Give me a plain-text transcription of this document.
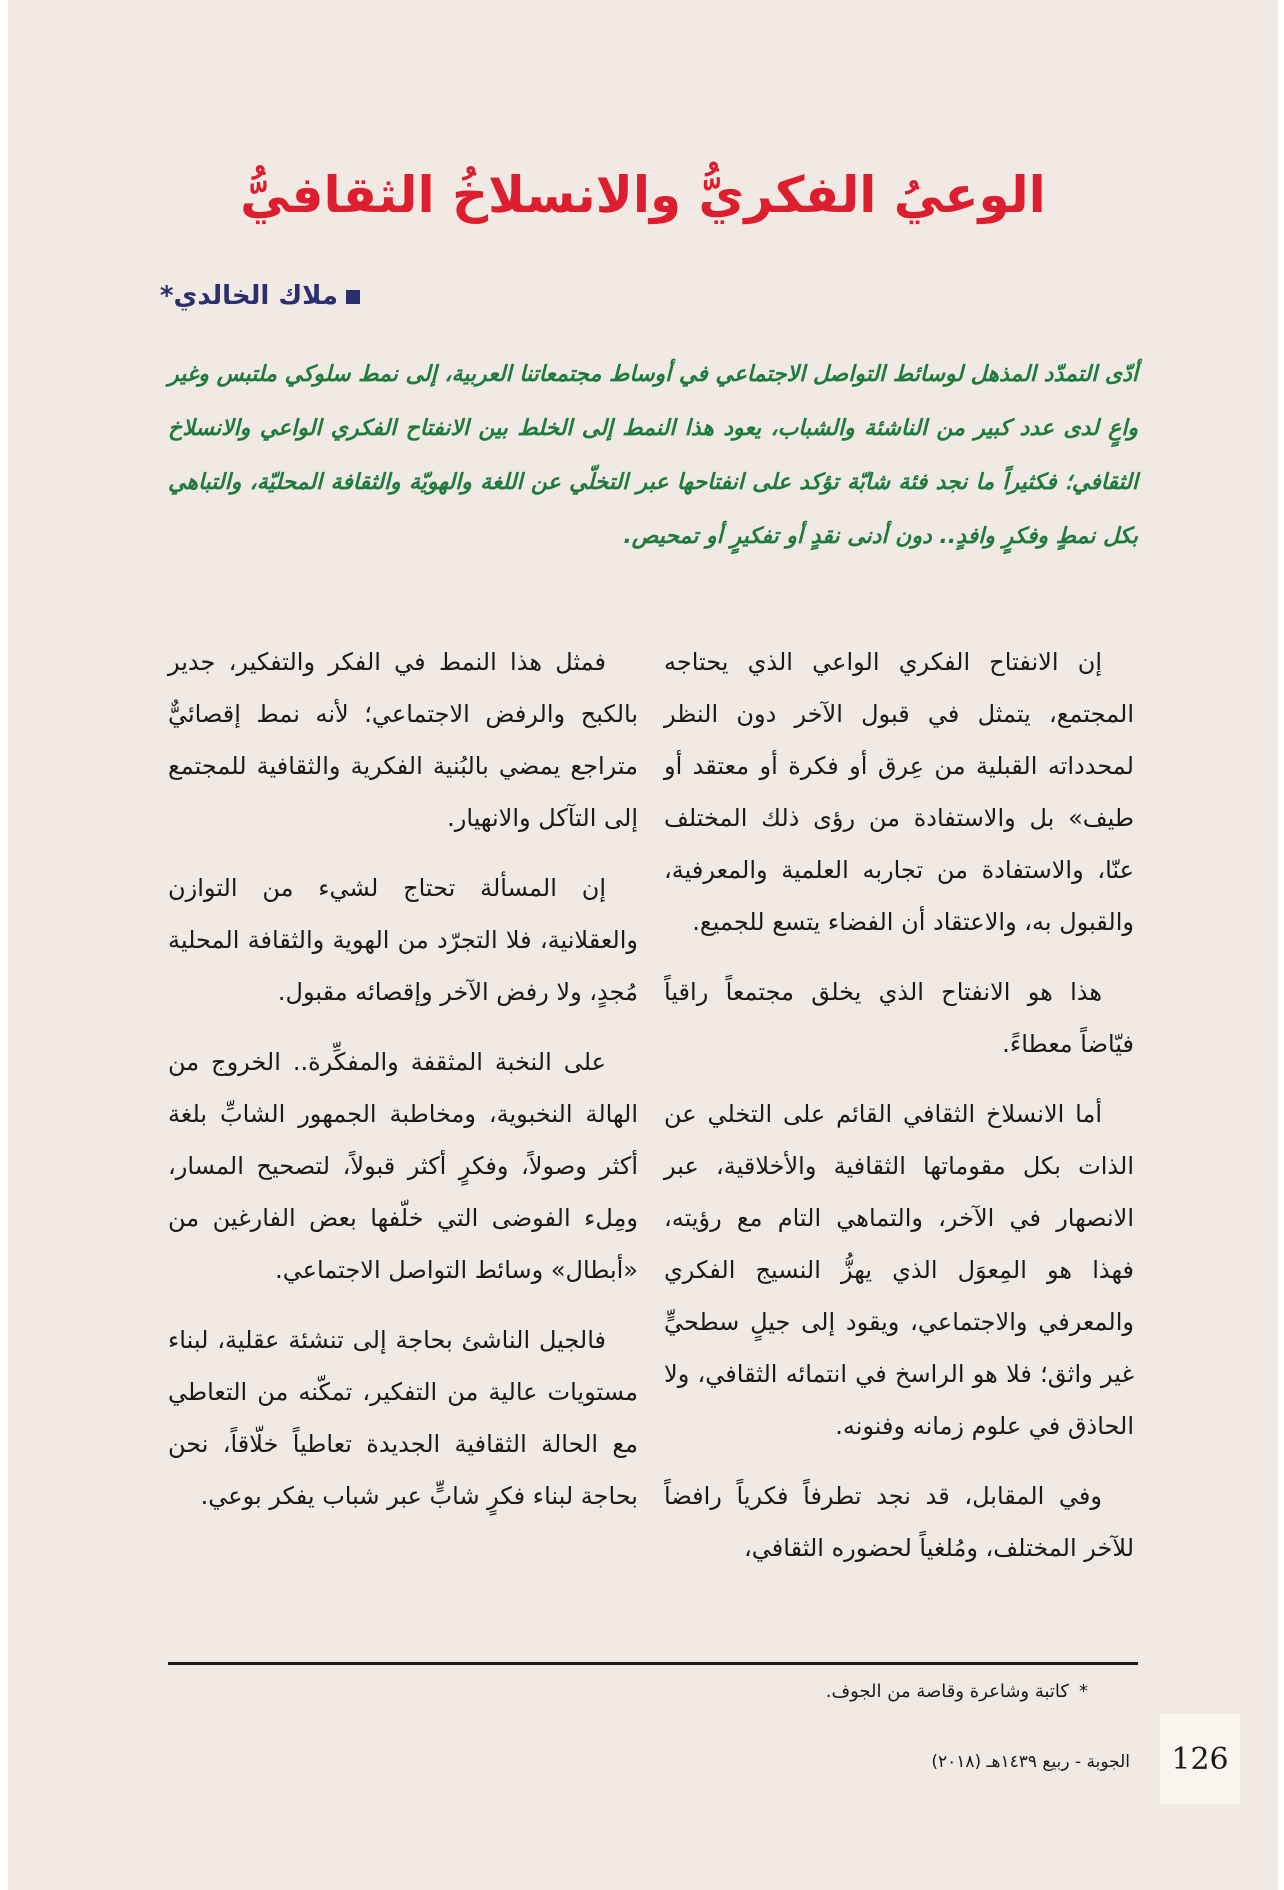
الوعيُ الفكريُّ والانسلاخُ الثقافيُّ
ملاك الخالدي*

أدّى التمدّد المذهل لوسائط التواصل الاجتماعي في أوساط مجتمعاتنا العربية، إلى نمط سلوكي ملتبس وغير واعٍ لدى عدد كبير من الناشئة والشباب، يعود هذا النمط إلى الخلط بين الانفتاح الفكري الواعي والانسلاخ الثقافي؛ فكثيراً ما نجد فئة شابّة تؤكد على انفتاحها عبر التخلّي عن اللغة والهويّة والثقافة المحليّة، والتباهي بكل نمطٍ وفكرٍ وافدٍ.. دون أدنى نقدٍ أو تفكيرٍ أو تمحيص.

إن الانفتاح الفكري الواعي الذي يحتاجه المجتمع، يتمثل في قبول الآخر دون النظر لمحدداته القبلية من عِرق أو فكرة أو معتقد أو طيف» بل والاستفادة من رؤى ذلك المختلف عنّا، والاستفادة من تجاربه العلمية والمعرفية، والقبول به، والاعتقاد أن الفضاء يتسع للجميع.

هذا هو الانفتاح الذي يخلق مجتمعاً راقياً فيّاضاً معطاءً.

أما الانسلاخ الثقافي القائم على التخلي عن الذات بكل مقوماتها الثقافية والأخلاقية، عبر الانصهار في الآخر، والتماهي التام مع رؤيته، فهذا هو المِعوَل الذي يهزُّ النسيج الفكري والمعرفي والاجتماعي، ويقود إلى جيلٍ سطحيٍّ غير واثق؛ فلا هو الراسخ في انتمائه الثقافي، ولا الحاذق في علوم زمانه وفنونه.

وفي المقابل، قد نجد تطرفاً فكرياً رافضاً للآخر المختلف، ومُلغياً لحضوره الثقافي،

فمثل هذا النمط في الفكر والتفكير، جدير بالكبح والرفض الاجتماعي؛ لأنه نمط إقصائيٌّ متراجع يمضي بالبُنية الفكرية والثقافية للمجتمع إلى التآكل والانهيار.

إن المسألة تحتاج لشيء من التوازن والعقلانية، فلا التجرّد من الهوية والثقافة المحلية مُجدٍ، ولا رفض الآخر وإقصائه مقبول.

على النخبة المثقفة والمفكِّرة.. الخروج من الهالة النخبوية، ومخاطبة الجمهور الشابِّ بلغة أكثر وصولاً، وفكرٍ أكثر قبولاً، لتصحيح المسار، ومِلء الفوضى التي خلّفها بعض الفارغين من «أبطال» وسائط التواصل الاجتماعي.

فالجيل الناشئ بحاجة إلى تنشئة عقلية، لبناء مستويات عالية من التفكير، تمكّنه من التعاطي مع الحالة الثقافية الجديدة تعاطياً خلّاقاً، نحن بحاجة لبناء فكرٍ شابٍّ عبر شباب يفكر بوعي.

*كاتبة وشاعرة وقاصة من الجوف.

الجوبة - ربيع ١٤٣٩هـ (٢٠١٨)	126
